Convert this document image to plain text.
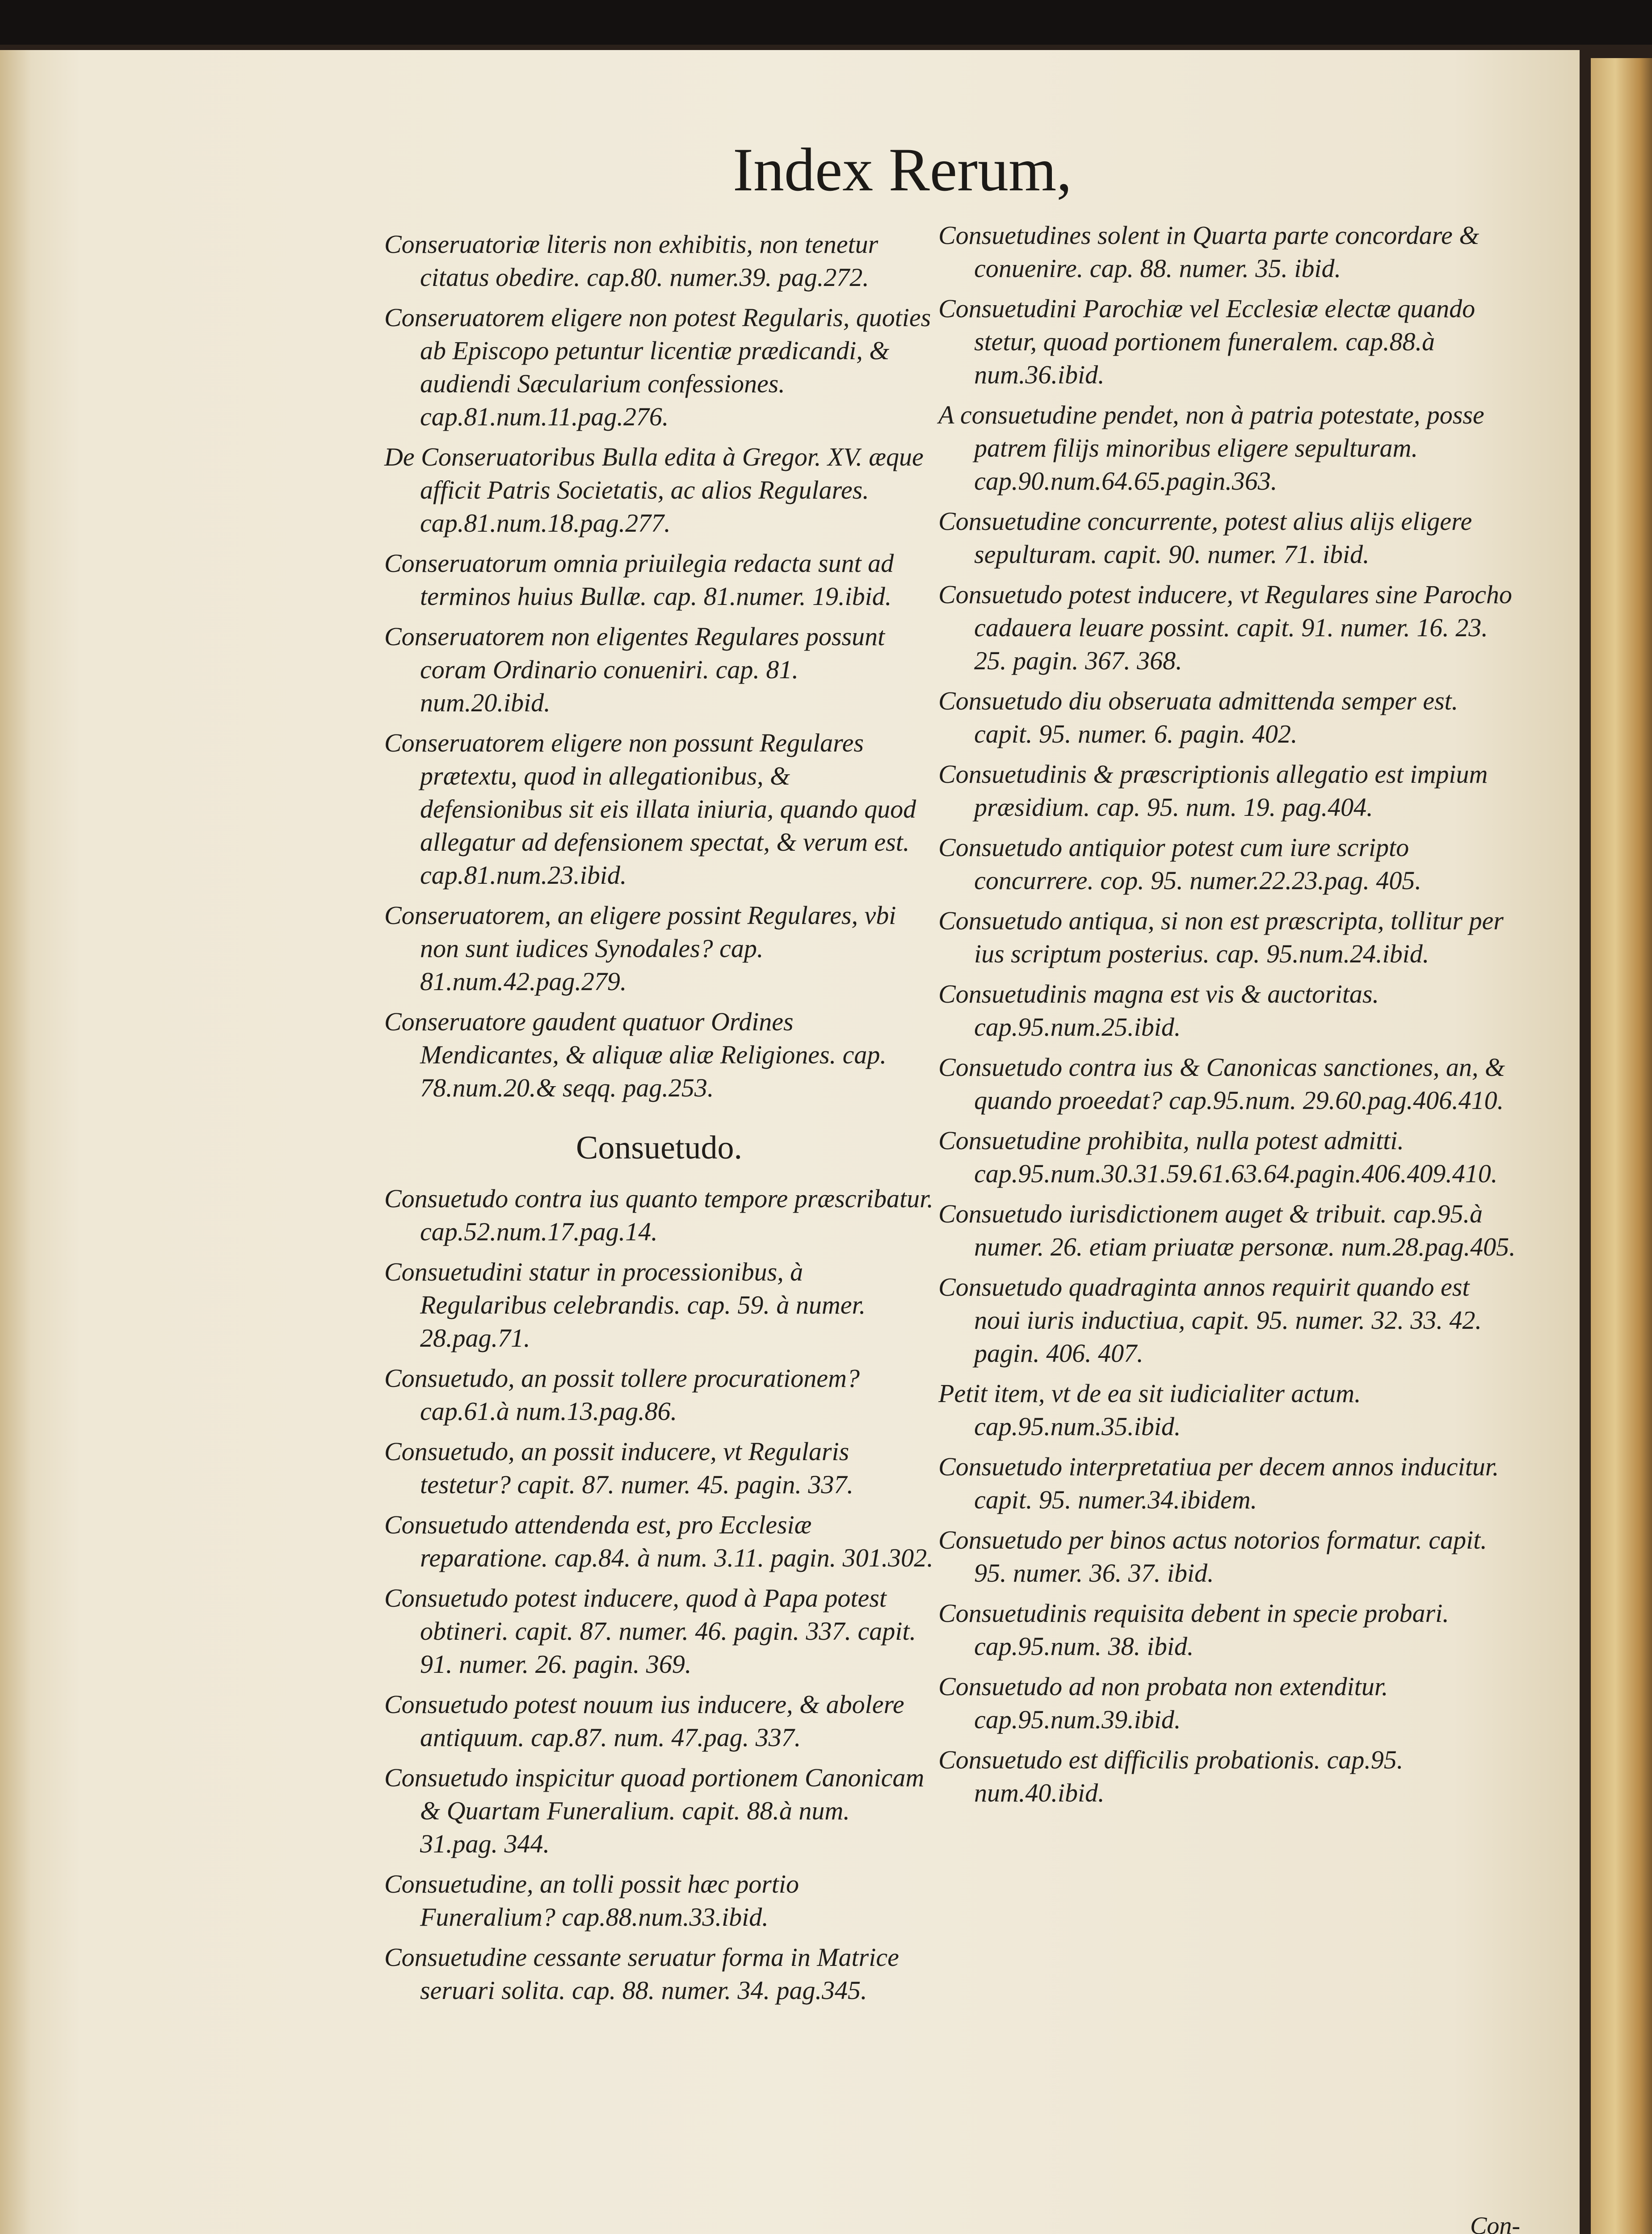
Index Rerum,
Conseruatoriæ literis non exhibitis, non tenetur citatus obedire. cap.80. numer.39. pag.272.
Conseruatorem eligere non potest Regularis, quoties ab Episcopo petuntur licentiæ prædicandi, & audiendi Sæcularium confessiones. cap.81.num.11.pag.276.
De Conseruatoribus Bulla edita à Gregor. XV. æque afficit Patris Societatis, ac alios Regulares. cap.81.num.18.pag.277.
Conseruatorum omnia priuilegia redacta sunt ad terminos huius Bullæ. cap. 81.numer. 19.ibid.
Conseruatorem non eligentes Regulares possunt coram Ordinario conueniri. cap. 81. num.20.ibid.
Conseruatorem eligere non possunt Regulares prætextu, quod in allegationibus, & defensionibus sit eis illata iniuria, quando quod allegatur ad defensionem spectat, & verum est. cap.81.num.23.ibid.
Conseruatorem, an eligere possint Regulares, vbi non sunt iudices Synodales? cap. 81.num.42.pag.279.
Conseruatore gaudent quatuor Ordines Mendicantes, & aliquæ aliæ Religiones. cap. 78.num.20.& seqq. pag.253.
Consuetudo.
Consuetudo contra ius quanto tempore præscribatur. cap.52.num.17.pag.14.
Consuetudini statur in processionibus, à Regularibus celebrandis. cap. 59. à numer. 28.pag.71.
Consuetudo, an possit tollere procurationem? cap.61.à num.13.pag.86.
Consuetudo, an possit inducere, vt Regularis testetur? capit. 87. numer. 45. pagin. 337.
Consuetudo attendenda est, pro Ecclesiæ reparatione. cap.84. à num. 3.11. pagin. 301.302.
Consuetudo potest inducere, quod à Papa potest obtineri. capit. 87. numer. 46. pagin. 337. capit. 91. numer. 26. pagin. 369.
Consuetudo potest nouum ius inducere, & abolere antiquum. cap.87. num. 47.pag. 337.
Consuetudo inspicitur quoad portionem Canonicam & Quartam Funeralium. capit. 88.à num. 31.pag. 344.
Consuetudine, an tolli possit hæc portio Funeralium? cap.88.num.33.ibid.
Consuetudine cessante seruatur forma in Matrice seruari solita. cap. 88. numer. 34. pag.345.
Consuetudines solent in Quarta parte concordare & conuenire. cap. 88. numer. 35. ibid.
Consuetudini Parochiæ vel Ecclesiæ electæ quando stetur, quoad portionem funeralem. cap.88.à num.36.ibid.
A consuetudine pendet, non à patria potestate, posse patrem filijs minoribus eligere sepulturam. cap.90.num.64.65.pagin.363.
Consuetudine concurrente, potest alius alijs eligere sepulturam. capit. 90. numer. 71. ibid.
Consuetudo potest inducere, vt Regulares sine Parocho cadauera leuare possint. capit. 91. numer. 16. 23. 25. pagin. 367. 368.
Consuetudo diu obseruata admittenda semper est. capit. 95. numer. 6. pagin. 402.
Consuetudinis & præscriptionis allegatio est impium præsidium. cap. 95. num. 19. pag.404.
Consuetudo antiquior potest cum iure scripto concurrere. cop. 95. numer.22.23.pag. 405.
Consuetudo antiqua, si non est præscripta, tollitur per ius scriptum posterius. cap. 95.num.24.ibid.
Consuetudinis magna est vis & auctoritas. cap.95.num.25.ibid.
Consuetudo contra ius & Canonicas sanctiones, an, & quando proeedat? cap.95.num. 29.60.pag.406.410.
Consuetudine prohibita, nulla potest admitti. cap.95.num.30.31.59.61.63.64.pagin.406.409.410.
Consuetudo iurisdictionem auget & tribuit. cap.95.à numer. 26. etiam priuatæ personæ. num.28.pag.405.
Consuetudo quadraginta annos requirit quando est noui iuris inductiua, capit. 95. numer. 32. 33. 42. pagin. 406. 407.
Petit item, vt de ea sit iudicialiter actum. cap.95.num.35.ibid.
Consuetudo interpretatiua per decem annos inducitur. capit. 95. numer.34.ibidem.
Consuetudo per binos actus notorios formatur. capit. 95. numer. 36. 37. ibid.
Consuetudinis requisita debent in specie probari. cap.95.num. 38. ibid.
Consuetudo ad non probata non extenditur. cap.95.num.39.ibid.
Consuetudo est difficilis probationis. cap.95. num.40.ibid.
Con-
